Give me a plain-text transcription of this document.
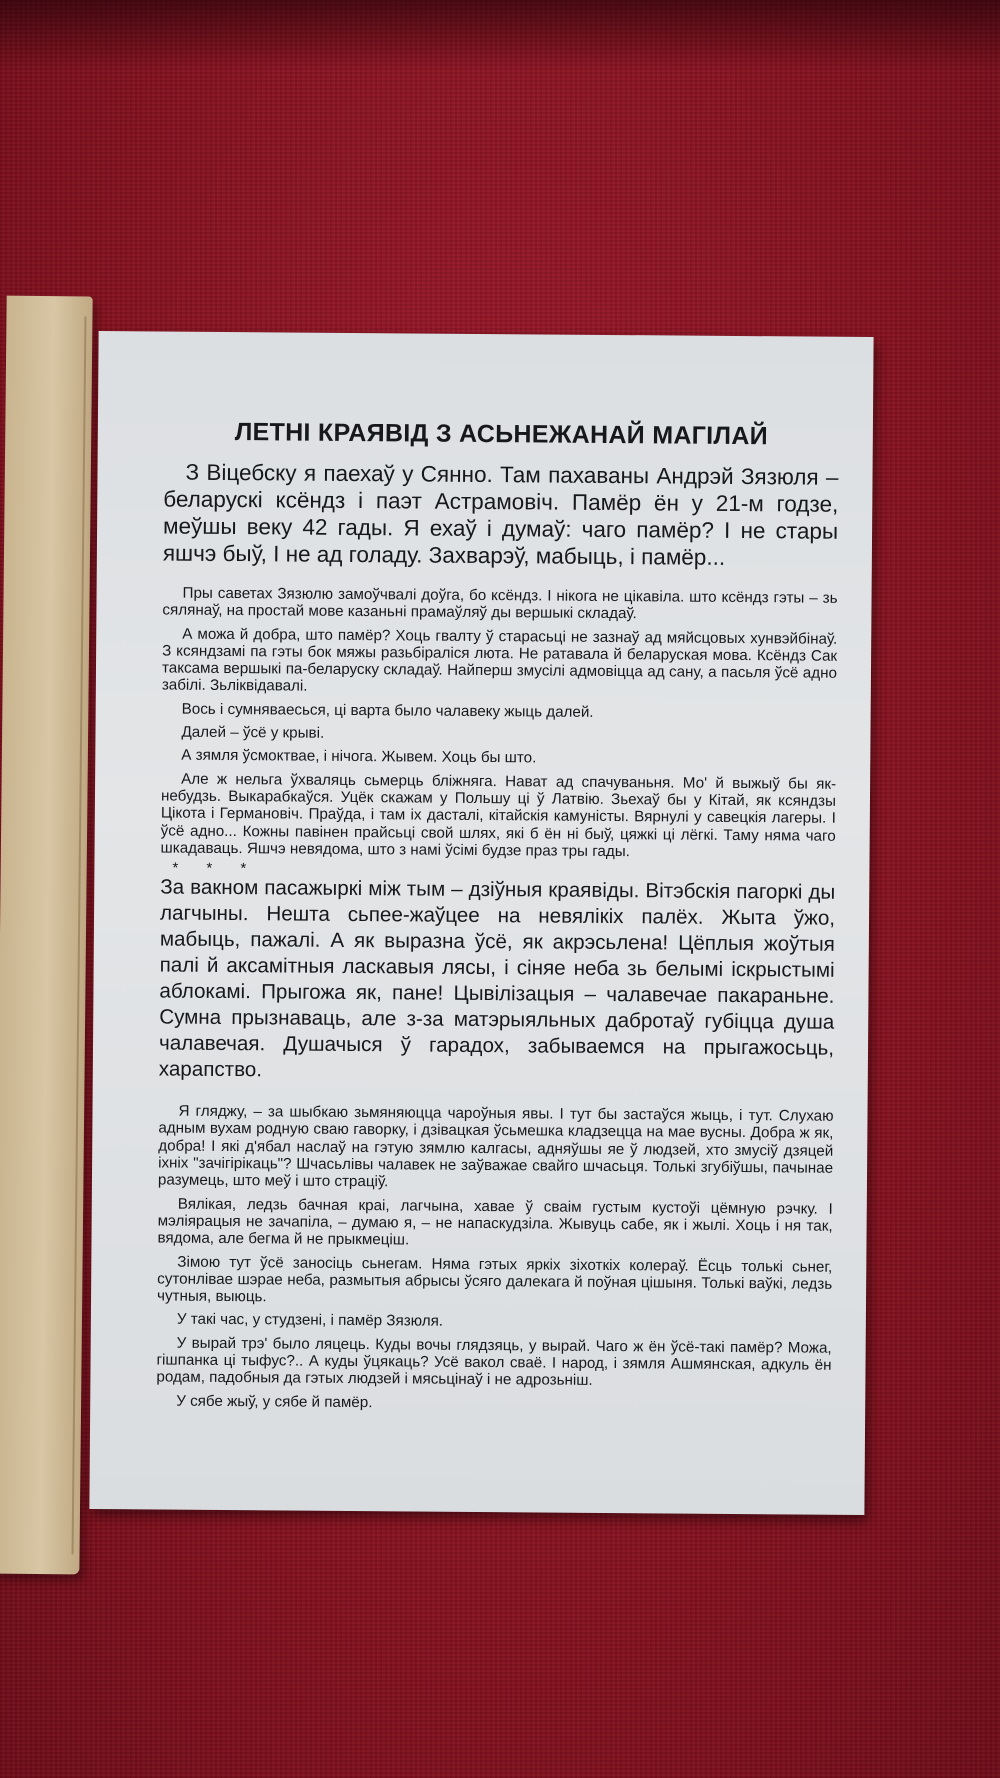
ЛЕТНІ КРАЯВІД З АСЬНЕЖАНАЙ МАГІЛАЙ
З Віцебску я паехаў у Сянно. Там пахаваны Андрэй Зязюля – беларускі ксёндз і паэт Астрамовіч. Памёр ён у 21-м годзе, меўшы веку 42 гады. Я ехаў і думаў: чаго памёр? І не стары яшчэ быў, І не ад голаду. Захварэў, мабыць, і памёр...
Пры саветах Зязюлю замоўчвалі доўга, бо ксёндз. І нікога не цікавіла. што ксёндз гэты – зь сялянаў, на простай мове казаньні прамаўляў ды вершыкі складаў.
А можа й добра, што памёр? Хоць гвалту ў старасьці не зазнаў ад мяйсцовых хунвэйбінаў. З ксяндзамі па гэты бок мяжы разьбіраліся люта. Не ратавала й беларуская мова. Ксёндз Сак таксама вершыкі па-беларуску складаў. Найперш змусілі адмовіцца ад сану, а пасьля ўсё адно забілі. Зьліквідавалі.
Вось і сумняваесься, ці варта было чалавеку жыць далей.
Далей – ўсё у крыві.
А зямля ўсмоктвае, і нічога. Жывем. Хоць бы што.
Але ж нельга ўхваляць сьмерць бліжняга. Нават ад спачуваньня. Мо' й выжыў бы як-небудзь. Выкарабкаўся. Уцёк скажам у Польшу ці ў Латвію. Зьехаў бы у Кітай, як ксяндзы Цікота і Германовіч. Праўда, і там іх дасталі, кітайскія камуністы. Вярнулі у савецкія лагеры. І ўсё адно... Кожны павінен прайсьці свой шлях, які б ён ні быў, цяжкі ці лёгкі. Таму няма чаго шкадаваць. Яшчэ невядома, што з намі ўсімі будзе праз тры гады.
* * *
За вакном пасажыркі між тым – дзіўныя краявіды. Вітэбскія пагоркі ды лагчыны. Нешта сьпее-жаўцее на невялікіх палёх. Жыта ўжо, мабыць, пажалі. А як выразна ўсё, як акрэсьлена! Цёплыя жоўтыя палі й аксамітныя ласкавыя лясы, і сіняе неба зь белымі іскрыстымі аблокамі. Прыгожа як, пане! Цывілізацыя – чалавечае пакараньне. Сумна прызнаваць, але з-за матэрыяльных дабротаў губіцца душа чалавечая. Душачыся ў гарадох, забываемся на прыгажосьць, харапство.
Я гляджу, – за шыбкаю зьмяняюцца чароўныя явы. І тут бы застаўся жыць, і тут. Слухаю адным вухам родную сваю гаворку, і дзівацкая ўсьмешка кладзецца на мае вусны. Добра ж як, добра! І які д'ябал наслаў на гэтую зямлю калгасы, адняўшы яе ў людзей, хто змусіў дзяцей іхніх "зачігірікаць"? Шчасьлівы чалавек не заўважае свайго шчасьця. Толькі згубіўшы, пачынае разумець, што меў і што страціў.
Вялікая, ледзь бачная краі, лагчына, хавае ў сваім густым кустоўі цёмную рэчку. І мэліярацыя не зачапіла, – думаю я, – не напаскудзіла. Жывуць сабе, як і жылі. Хоць і ня так, вядома, але бегма й не прыкмеціш.
Зімою тут ўсё заносіць сьнегам. Няма гэтых яркіх зіхоткіх колераў. Ёсць толькі сьнег, сутонлівае шэрае неба, размытыя абрысы ўсяго далекага й поўная цішыня. Толькі ваўкі, ледзь чутныя, выюць.
У такі час, у студзені, і памёр Зязюля.
У вырай трэ' было ляцець. Куды вочы глядзяць, у вырай. Чаго ж ён ўсё-такі памёр? Можа, гішпанка ці тыфус?.. А куды ўцякаць? Усё вакол сваё. І народ, і зямля Ашмянская, адкуль ён родам, падобныя да гэтых людзей і мясьцінаў і не адрозьніш.
У сябе жыў, у сябе й памёр.
